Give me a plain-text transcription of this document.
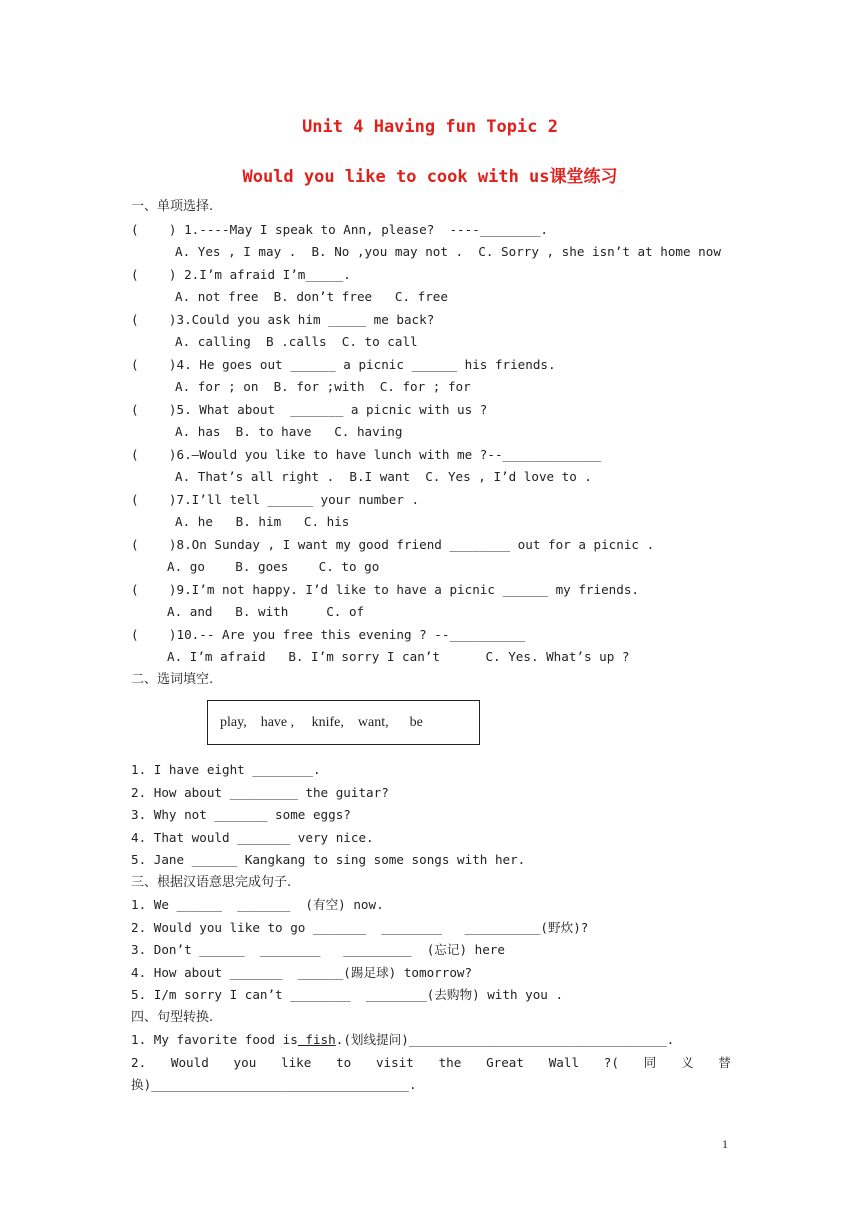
Unit 4 Having fun Topic 2
Would you like to cook with us课堂练习
一、单项选择.
(    ) 1.----May I speak to Ann, please?  ----________.
A. Yes , I may .  B. No ,you may not .  C. Sorry , she isn’t at home now
(    ) 2.I’m afraid I’m_____.
A. not free  B. don’t free   C. free
(    )3.Could you ask him _____ me back?
A. calling  B .calls  C. to call
(    )4. He goes out ______ a picnic ______ his friends.
A. for ; on  B. for ;with  C. for ; for
(    )5. What about  _______ a picnic with us ?
A. has  B. to have   C. having
(    )6.—Would you like to have lunch with me ?--_____________
A. That’s all right .  B.I want  C. Yes , I’d love to .
(    )7.I’ll tell ______ your number .
A. he   B. him   C. his
(    )8.On Sunday , I want my good friend ________ out for a picnic .
A. go    B. goes    C. to go
(    )9.I’m not happy. I’d like to have a picnic ______ my friends.
A. and   B. with     C. of
(    )10.-- Are you free this evening ? --__________
A. I’m afraid   B. I’m sorry I can’t      C. Yes. What’s up ?
二、选词填空.
play,    have ,     knife,    want,      be
1. I have eight ________.
2. How about _________ the guitar?
3. Why not _______ some eggs?
4. That would _______ very nice.
5. Jane ______ Kangkang to sing some songs with her.
三、根据汉语意思完成句子.
1. We ______  _______  (有空) now.
2. Would you like to go _______  ________   __________(野炊)?
3. Don’t ______  ________   _________  (忘记) here
4. How about _______  ______(踢足球) tomorrow?
5. I/m sorry I can’t ________  ________(去购物) with you .
四、句型转换.
1. My favorite food is fish.(划线提问)__________________________________.
2. Would you like to visit the Great Wall ?( 同 义 替
换)__________________________________.
1
